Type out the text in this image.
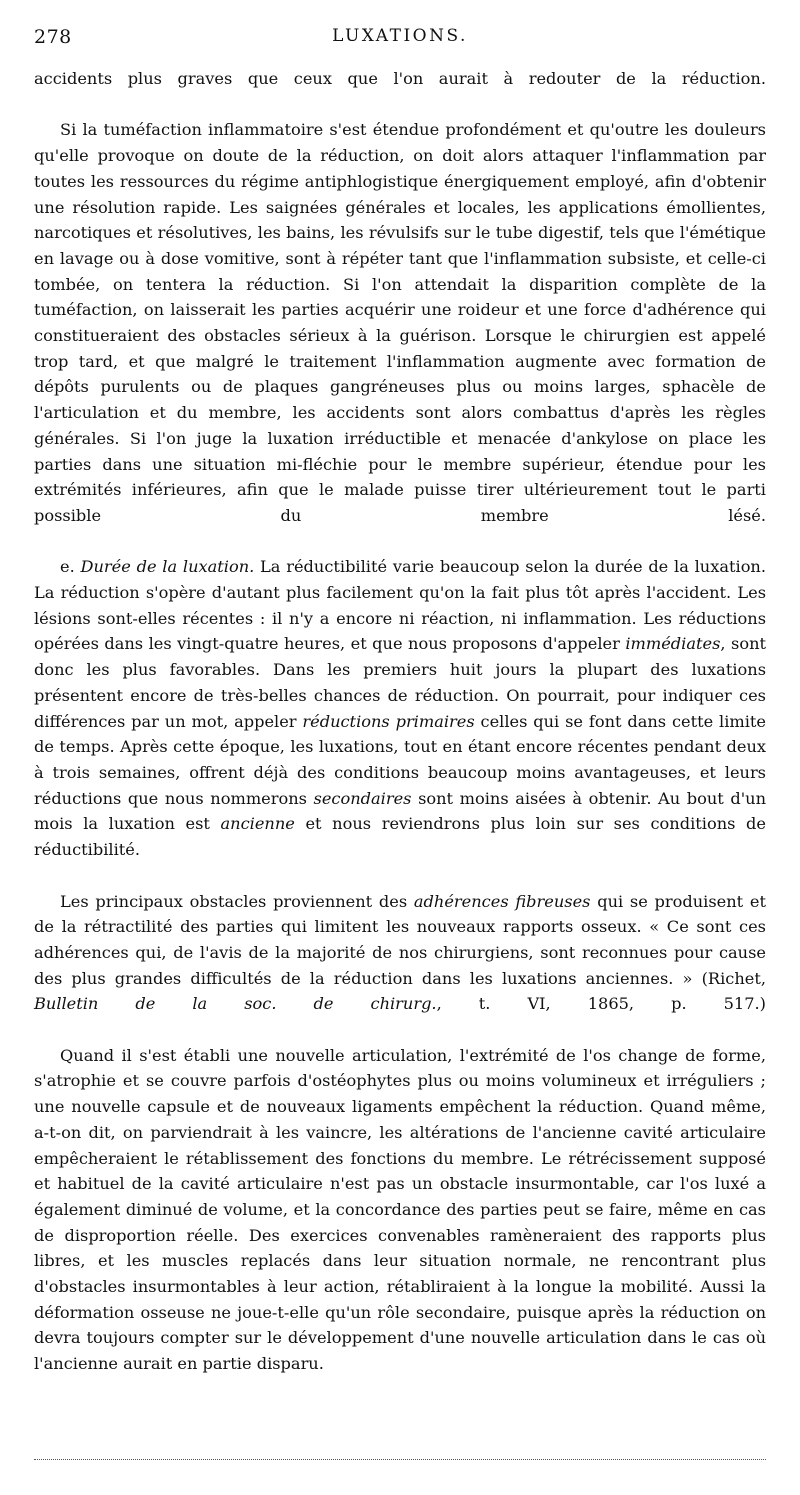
278	LUXATIONS.

accidents plus graves que ceux que l'on aurait à redouter de la réduction.

Si la tuméfaction inflammatoire s'est étendue profondément et qu'outre les douleurs qu'elle provoque on doute de la réduction, on doit alors attaquer l'inflammation par toutes les ressources du régime antiphlogistique énergiquement employé, afin d'obtenir une résolution rapide. Les saignées générales et locales, les applications émollientes, narcotiques et résolutives, les bains, les révulsifs sur le tube digestif, tels que l'émétique en lavage ou à dose vomitive, sont à répéter tant que l'inflammation subsiste, et celle-ci tombée, on tentera la réduction. Si l'on attendait la disparition complète de la tuméfaction, on laisserait les parties acquérir une roideur et une force d'adhérence qui constitueraient des obstacles sérieux à la guérison. Lorsque le chirurgien est appelé trop tard, et que malgré le traitement l'inflammation augmente avec formation de dépôts purulents ou de plaques gangréneuses plus ou moins larges, sphacèle de l'articulation et du membre, les accidents sont alors combattus d'après les règles générales. Si l'on juge la luxation irréductible et menacée d'ankylose on place les parties dans une situation mi-fléchie pour le membre supérieur, étendue pour les extrémités inférieures, afin que le malade puisse tirer ultérieurement tout le parti possible du membre lésé.

e. Durée de la luxation. La réductibilité varie beaucoup selon la durée de la luxation. La réduction s'opère d'autant plus facilement qu'on la fait plus tôt après l'accident. Les lésions sont-elles récentes : il n'y a encore ni réaction, ni inflammation. Les réductions opérées dans les vingt-quatre heures, et que nous proposons d'appeler immédiates, sont donc les plus favorables. Dans les premiers huit jours la plupart des luxations présentent encore de très-belles chances de réduction. On pourrait, pour indiquer ces différences par un mot, appeler réductions primaires celles qui se font dans cette limite de temps. Après cette époque, les luxations, tout en étant encore récentes pendant deux à trois semaines, offrent déjà des conditions beaucoup moins avantageuses, et leurs réductions que nous nommerons secondaires sont moins aisées à obtenir. Au bout d'un mois la luxation est ancienne et nous reviendrons plus loin sur ses conditions de réductibilité.

Les principaux obstacles proviennent des adhérences fibreuses qui se produisent et de la rétractilité des parties qui limitent les nouveaux rapports osseux. « Ce sont ces adhérences qui, de l'avis de la majorité de nos chirurgiens, sont reconnues pour cause des plus grandes difficultés de la réduction dans les luxations anciennes. » (Richet, Bulletin de la soc. de chirurg., t. VI, 1865, p. 517.)

Quand il s'est établi une nouvelle articulation, l'extrémité de l'os change de forme, s'atrophie et se couvre parfois d'ostéophytes plus ou moins volumineux et irréguliers ; une nouvelle capsule et de nouveaux ligaments empêchent la réduction. Quand même, a-t-on dit, on parviendrait à les vaincre, les altérations de l'ancienne cavité articulaire empêcheraient le rétablissement des fonctions du membre. Le rétrécissement supposé et habituel de la cavité articulaire n'est pas un obstacle insurmontable, car l'os luxé a également diminué de volume, et la concordance des parties peut se faire, même en cas de disproportion réelle. Des exercices convenables ramèneraient des rapports plus libres, et les muscles replacés dans leur situation normale, ne rencontrant plus d'obstacles insurmontables à leur action, rétabliraient à la longue la mobilité. Aussi la déformation osseuse ne joue-t-elle qu'un rôle secondaire, puisque après la réduction on devra toujours compter sur le développement d'une nouvelle articulation dans le cas où l'ancienne aurait en partie disparu.
